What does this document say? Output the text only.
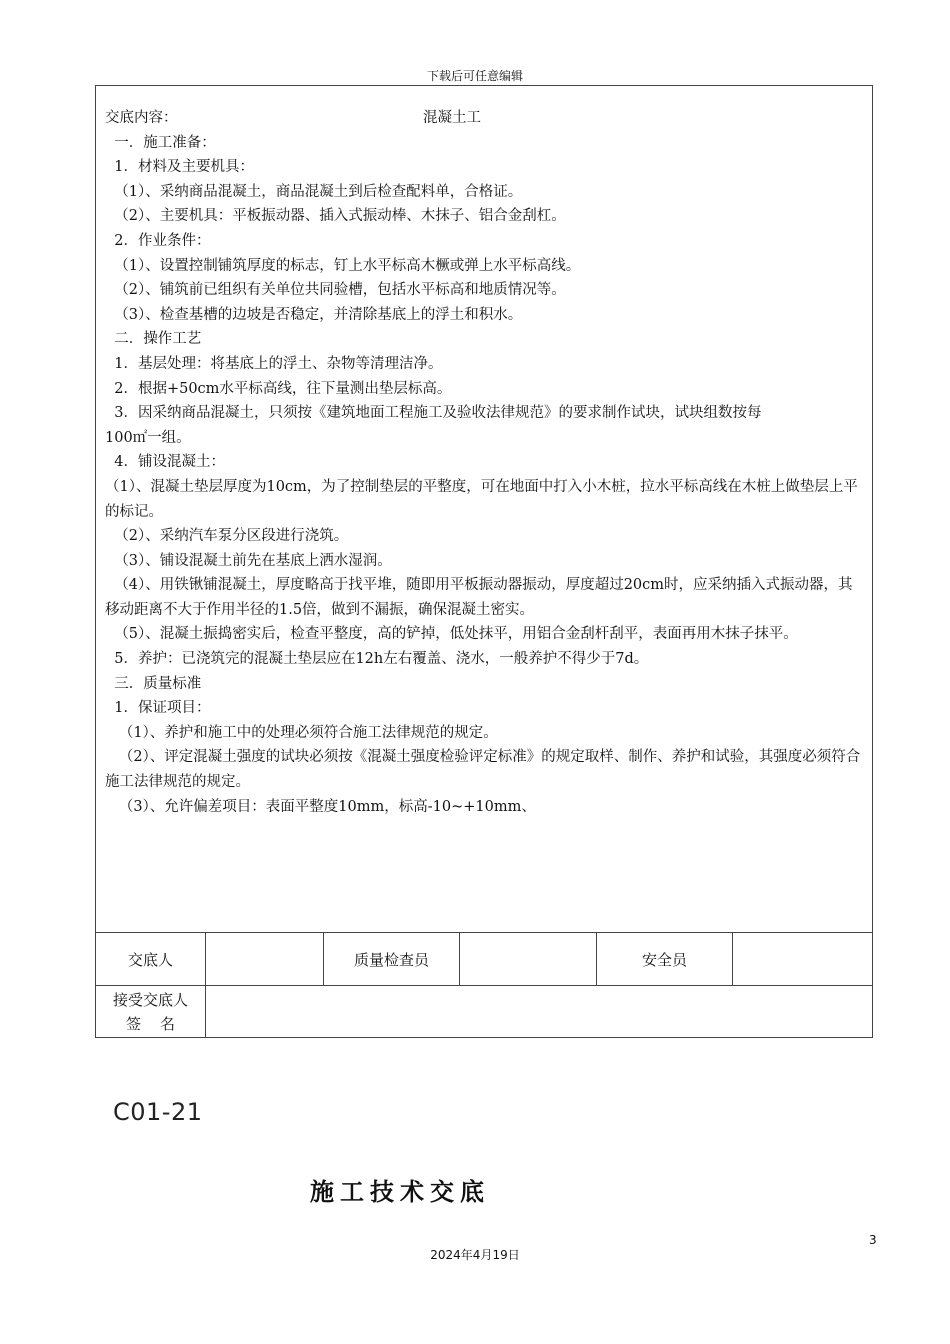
下载后可任意编辑
交底内容：	混凝土工

一．施工准备：

1．材料及主要机具：

（1）、采纳商品混凝土，商品混凝土到后检查配料单，合格证。

（2）、主要机具：平板振动器、插入式振动棒、木抹子、铝合金刮杠。

2．作业条件：

（1）、设置控制铺筑厚度的标志，钉上水平标高木橛或弹上水平标高线。

（2）、铺筑前已组织有关单位共同验槽，包括水平标高和地质情况等。

（3）、检查基槽的边坡是否稳定，并清除基底上的浮土和积水。

二．操作工艺

1．基层处理：将基底上的浮土、杂物等清理洁净。

2．根据+50cm水平标高线，往下量测出垫层标高。

3．因采纳商品混凝土，只须按《建筑地面工程施工及验收法律规范》的要求制作试块，试块组数按每

100㎡一组。

4．铺设混凝土：

（1）、混凝土垫层厚度为10cm，为了控制垫层的平整度，可在地面中打入小木桩，拉水平标高线在木桩上做垫层上平的标记。

（2）、采纳汽车泵分区段进行浇筑。

（3）、铺设混凝土前先在基底上洒水湿润。

（4）、用铁锹铺混凝土，厚度略高于找平堆，随即用平板振动器振动，厚度超过20cm时，应采纳插入式振动器，其移动距离不大于作用半径的1.5倍，做到不漏振，确保混凝土密实。

（5）、混凝土振捣密实后，检查平整度，高的铲掉，低处抹平，用铝合金刮杆刮平，表面再用木抹子抹平。

5．养护：已浇筑完的混凝土垫层应在12h左右覆盖、浇水，一般养护不得少于7d。

三．质量标准

1．保证项目：

（1）、养护和施工中的处理必须符合施工法律规范的规定。

（2）、评定混凝土强度的试块必须按《混凝土强度检验评定标准》的规定取样、制作、养护和试验，其强度必须符合施工法律规范的规定。

（3）、允许偏差项目：表面平整度10mm，标高-10~+10mm、

交底人		质量检查员		安全员	

接受交底人
签    名					

C01-21
施工技术交底
3
2024年4月19日
